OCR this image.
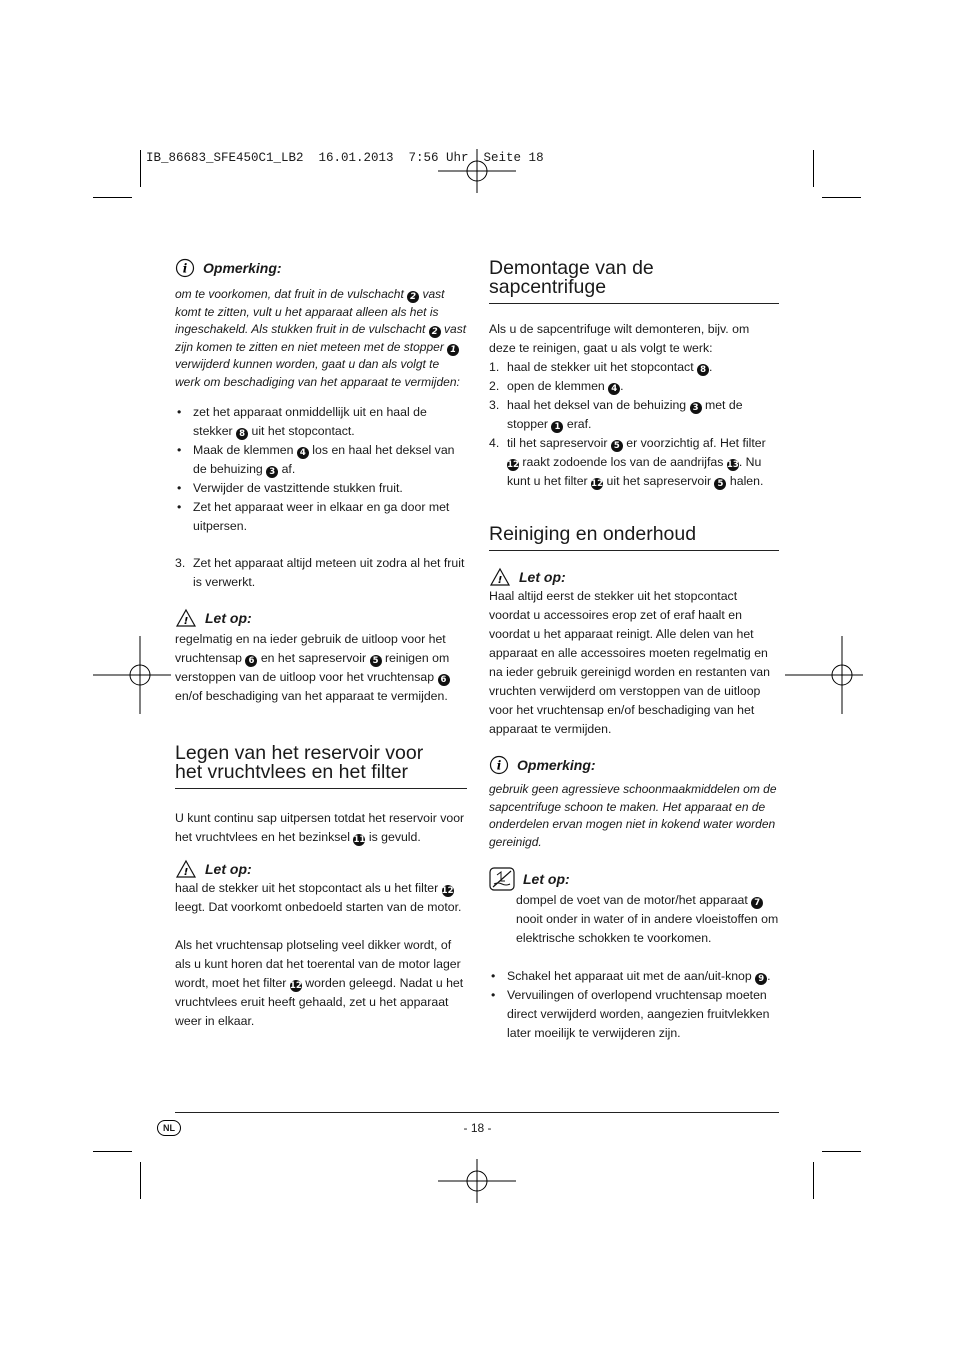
IB_86683_SFE450C1_LB2  16.01.2013  7:56 Uhr  Seite 18
i Opmerking:

om te voorkomen, dat fruit in de vulschacht 2 vast komt te zitten, vult u het apparaat alleen als het is ingeschakeld. Als stukken fruit in de vulschacht 2 vast zijn komen te zitten en niet meteen met de stopper 1 verwijderd kunnen worden, gaat u dan als volgt te werk om beschadiging van het apparaat te vermijden:

• zet het apparaat onmiddellijk uit en haal de stekker 8 uit het stopcontact.
• Maak de klemmen 4 los en haal het deksel van de behuizing 3 af.
• Verwijder de vastzittende stukken fruit.
• Zet het apparaat weer in elkaar en ga door met uitpersen.
3. Zet het apparaat altijd meteen uit zodra al het fruit is verwerkt.
! Let op:

regelmatig en na ieder gebruik de uitloop voor het vruchtensap 6 en het sapreservoir 5 reinigen om verstoppen van de uitloop voor het vruchtensap 6 en/of beschadiging van het apparaat te vermijden.

Legen van het reservoir voor
het vruchtvlees en het filter

U kunt continu sap uitpersen totdat het reservoir voor het vruchtvlees en het bezinksel 11 is gevuld.

! Let op:

haal de stekker uit het stopcontact als u het filter 12 leegt. Dat voorkomt onbedoeld starten van de motor.

Als het vruchtensap plotseling veel dikker wordt, of als u kunt horen dat het toerental van de motor lager wordt, moet het filter 12 worden geleegd. Nadat u het vruchtvlees eruit heeft gehaald, zet u het apparaat weer in elkaar.

Demontage van de
sapcentrifuge

Als u de sapcentrifuge wilt demonteren, bijv. om deze te reinigen, gaat u als volgt te werk:

1. haal de stekker uit het stopcontact 8 .
2. open de klemmen 4 .
3. haal het deksel van de behuizing 3 met de stopper 1 eraf.
4. til het sapreservoir 5 er voorzichtig af. Het filter 12 raakt zodoende los van de aandrijfas 13. Nu kunt u het filter 12 uit het sapreservoir 5 halen.
Reiniging en onderhoud
! Let op:

Haal altijd eerst de stekker uit het stopcontact voordat u accessoires erop zet of eraf haalt en voordat u het apparaat reinigt. Alle delen van het apparaat en alle accessoires moeten regelmatig en na ieder gebruik gereinigd worden en restanten van vruchten verwijderd om verstoppen van de uitloop voor het vruchtensap en/of beschadiging van het apparaat te vermijden.

i Opmerking:

gebruik geen agressieve schoonmaakmiddelen om de sapcentrifuge schoon te maken. Het apparaat en de onderdelen ervan mogen niet in kokend water worden gereinigd.

Let op:

dompel de voet van de motor/het apparaat 7 nooit onder in water of in andere vloeistoffen om elektrische schokken te voorkomen.

• Schakel het apparaat uit met de aan/uit-knop 9 .
• Vervuilingen of overlopend vruchtensap moeten direct verwijderd worden, aangezien fruitvlekken later moeilijk te verwijderen zijn.
NL	- 18 -
